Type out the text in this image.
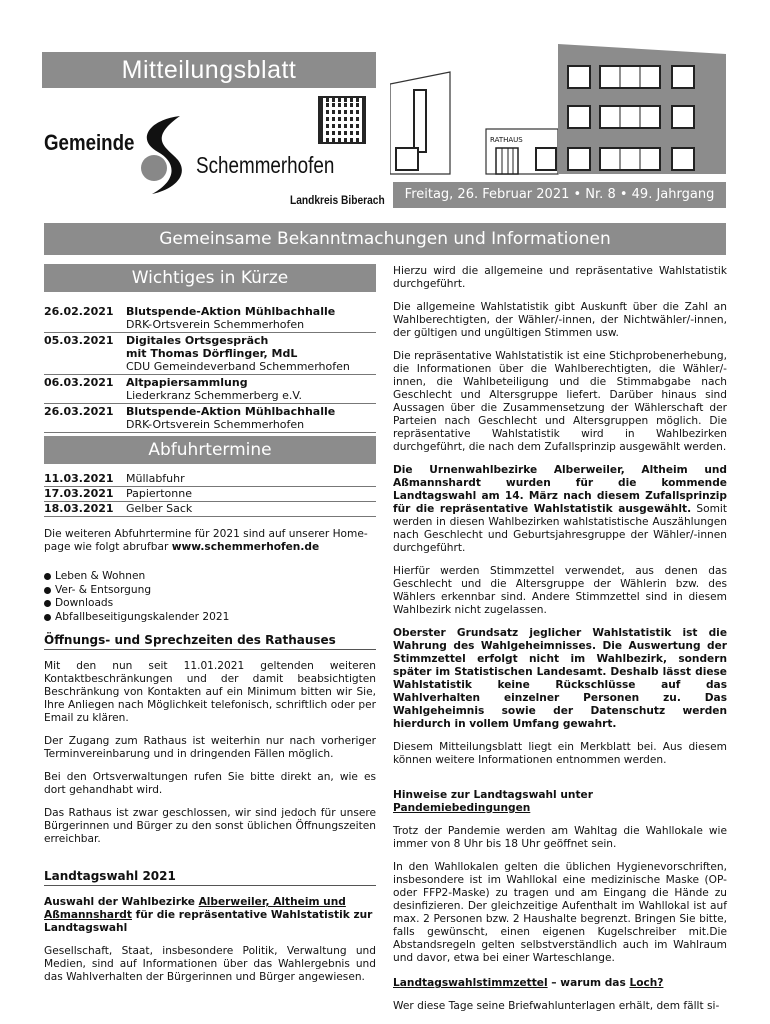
Mitteilungsblatt
Gemeinde
Schemmerhofen
Landkreis Biberach
RATHAUS
Freitag, 26. Februar 2021 • Nr. 8 • 49. Jahrgang
Gemeinsame Bekanntmachungen und Informationen
Wichtiges in Kürze
26.02.2021	Blutspende-Aktion Mühlbachhalle
DRK-Ortsverein Schemmerhofen
05.03.2021	Digitales Ortsgespräch
mit Thomas Dörflinger, MdL
CDU Gemeindeverband Schemmerhofen
06.03.2021	Altpapiersammlung
Liederkranz Schemmerberg e.V.
26.03.2021	Blutspende-Aktion Mühlbachhalle
DRK-Ortsverein Schemmerhofen
Abfuhrtermine
11.03.2021	Müllabfuhr
17.03.2021	Papiertonne
18.03.2021	Gelber Sack

Die weiteren Abfuhrtermine für 2021 sind auf unserer Home-page wie folgt abrufbar www.schemmerhofen.de

Leben & Wohnen
Ver- & Entsorgung
Downloads
Abfallbeseitigungskalender 2021
Öffnungs- und Sprechzeiten des Rathauses

Mit den nun seit 11.01.2021 geltenden weiteren Kontaktbeschränkungen und der damit beabsichtigten Beschränkung von Kontakten auf ein Minimum bitten wir Sie, Ihre Anliegen nach Möglichkeit telefonisch, schriftlich oder per Email zu klären.

Der Zugang zum Rathaus ist weiterhin nur nach vorheriger Terminvereinbarung und in dringenden Fällen möglich.

Bei den Ortsverwaltungen rufen Sie bitte direkt an, wie es dort gehandhabt wird.

Das Rathaus ist zwar geschlossen, wir sind jedoch für unsere Bürgerinnen und Bürger zu den sonst üblichen Öffnungszeiten erreichbar.

Landtagswahl 2021

Auswahl der Wahlbezirke Alberweiler, Altheim und Aßmannshardt für die repräsentative Wahlstatistik zur Landtagswahl

Gesellschaft, Staat, insbesondere Politik, Verwaltung und Medien, sind auf Informationen über das Wahlergebnis und das Wahlverhalten der Bürgerinnen und Bürger angewiesen.

Hierzu wird die allgemeine und repräsentative Wahlstatistik durchgeführt.

Die allgemeine Wahlstatistik gibt Auskunft über die Zahl an Wahlberechtigten, der Wähler/-innen, der Nichtwähler/-innen, der gültigen und ungültigen Stimmen usw.

Die repräsentative Wahlstatistik ist eine Stichprobenerhebung, die Informationen über die Wahlberechtigten, die Wähler/-innen, die Wahlbeteiligung und die Stimmabgabe nach Geschlecht und Altersgruppe liefert. Darüber hinaus sind Aussagen über die Zusammensetzung der Wählerschaft der Parteien nach Geschlecht und Altersgruppen möglich. Die repräsentative Wahlstatistik wird in Wahlbezirken durchgeführt, die nach dem Zufallsprinzip ausgewählt werden.

Die Urnenwahlbezirke Alberweiler, Altheim und Aßmannshardt wurden für die kommende Landtagswahl am 14. März nach diesem Zufallsprinzip für die repräsentative Wahlstatistik ausgewählt. Somit werden in diesen Wahlbezirken wahlstatistische Auszählungen nach Geschlecht und Geburtsjahresgruppe der Wähler/-innen durchgeführt.

Hierfür werden Stimmzettel verwendet, aus denen das Geschlecht und die Altersgruppe der Wählerin bzw. des Wählers erkennbar sind. Andere Stimmzettel sind in diesem Wahlbezirk nicht zugelassen.

Oberster Grundsatz jeglicher Wahlstatistik ist die Wahrung des Wahlgeheimnisses. Die Auswertung der Stimmzettel erfolgt nicht im Wahlbezirk, sondern später im Statistischen Landesamt. Deshalb lässt diese Wahlstatistik keine Rückschlüsse auf das Wahlverhalten einzelner Personen zu. Das Wahlgeheimnis sowie der Datenschutz werden hierdurch in vollem Umfang gewahrt.

Diesem Mitteilungsblatt liegt ein Merkblatt bei. Aus diesem können weitere Informationen entnommen werden.

Hinweise zur Landtagswahl unter Pandemiebedingungen

Trotz der Pandemie werden am Wahltag die Wahllokale wie immer von 8 Uhr bis 18 Uhr geöffnet sein.

In den Wahllokalen gelten die üblichen Hygienevorschriften, insbesondere ist im Wahllokal eine medizinische Maske (OP- oder FFP2-Maske) zu tragen und am Eingang die Hände zu desinfizieren. Der gleichzeitige Aufenthalt im Wahllokal ist auf max. 2 Personen bzw. 2 Haushalte begrenzt. Bringen Sie bitte, falls gewünscht, einen eigenen Kugelschreiber mit.Die Abstandsregeln gelten selbstverständlich auch im Wahlraum und davor, etwa bei einer Warteschlange.

Landtagswahlstimmzettel – warum das Loch?

Wer diese Tage seine Briefwahlunterlagen erhält, dem fällt si-
